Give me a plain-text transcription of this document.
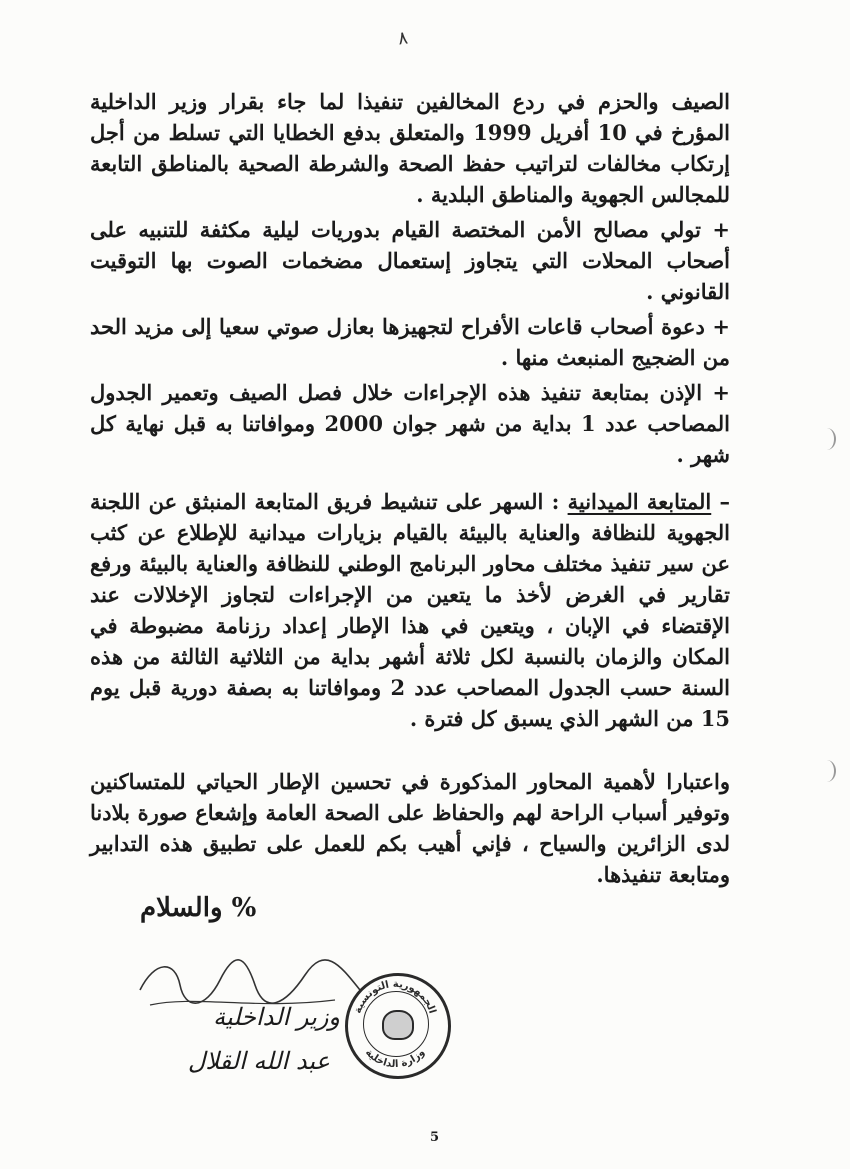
٨

الصيف والحزم في ردع المخالفين تنفيذا لما جاء بقرار وزير الداخلية المؤرخ في 10 أفريل 1999 والمتعلق بدفع الخطايا التي تسلط من أجل إرتكاب مخالفات لتراتيب حفظ الصحة والشرطة الصحية بالمناطق التابعة للمجالس الجهوية والمناطق البلدية .

+ تولي مصالح الأمن المختصة القيام بدوريات ليلية مكثفة للتنبيه على أصحاب المحلات التي يتجاوز إستعمال مضخمات الصوت بها التوقيت القانوني .

+ دعوة أصحاب قاعات الأفراح لتجهيزها بعازل صوتي سعيا إلى مزيد الحد من الضجيج المنبعث منها .

+ الإذن بمتابعة تنفيذ هذه الإجراءات خلال فصل الصيف وتعمير الجدول المصاحب عدد 1 بداية من شهر جوان 2000 وموافاتنا به قبل نهاية كل شهر .

– المتابعة الميدانية : السهر على تنشيط فريق المتابعة المنبثق عن اللجنة الجهوية للنظافة والعناية بالبيئة بالقيام بزيارات ميدانية للإطلاع عن كثب عن سير تنفيذ مختلف محاور البرنامج الوطني للنظافة والعناية بالبيئة ورفع تقارير في الغرض لأخذ ما يتعين من الإجراءات لتجاوز الإخلالات عند الإقتضاء في الإبان ، ويتعين في هذا الإطار إعداد رزنامة مضبوطة في المكان والزمان بالنسبة لكل ثلاثة أشهر بداية من الثلاثية الثالثة من هذه السنة حسب الجدول المصاحب عدد 2 وموافاتنا به بصفة دورية قبل يوم 15 من الشهر الذي يسبق كل فترة .

واعتبارا لأهمية المحاور المذكورة في تحسين الإطار الحياتي للمتساكنين وتوفير أسباب الراحة لهم والحفاظ على الصحة العامة وإشعاع صورة بلادنا لدى الزائرين والسياح ، فإني أهيب بكم للعمل على تطبيق هذه التدابير ومتابعة تنفيذها.

والسلام %
وزير الداخلية
عبد الله القلال
الجمهورية التونسية
وزارة الداخلية
5
